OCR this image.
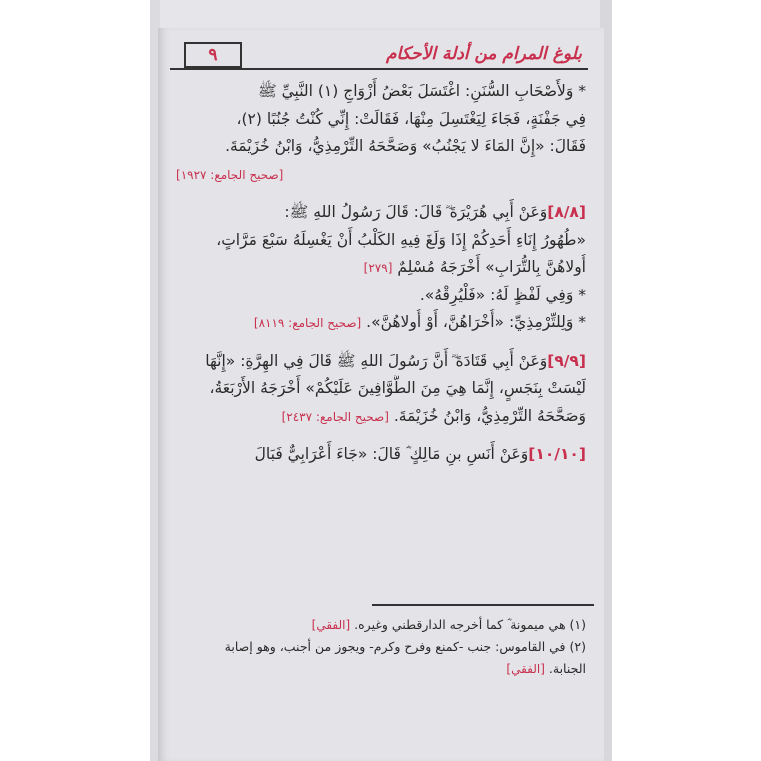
بلوغ المرام من أدلة الأحكام
٩
* وَلأَصْحَابِ السُّنَنِ: اغْتَسَلَ بَعْضُ أَزْوَاجِ (١) النَّبِيِّ ﷺ
فِي جَفْنَةٍ، فَجَاءَ لِيَغْتَسِلَ مِنْهَا، فَقَالَتْ: إِنِّي كُنْتُ جُنُبًا (٢)،
فَقَالَ: «إِنَّ المَاءَ لا يَجْنُبُ» وَصَحَّحَهُ التِّرْمِذِيُّ، وَابْنُ خُزَيْمَةَ.
[صحيح الجامع: ١٩٢٧]
[٨/٨]وَعَنْ أَبِي هُرَيْرَةَ ؓ قَالَ: قَالَ رَسُولُ اللهِ ﷺ:
«طُهُورُ إِنَاءِ أَحَدِكُمْ إِذَا وَلَغَ فِيهِ الكَلْبُ أَنْ يَغْسِلَهُ سَبْعَ مَرَّاتٍ،
أُولاهُنَّ بِالتُّرَابِ» أَخْرَجَهُ مُسْلِمٌ [٢٧٩]
* وَفِي لَفْظٍ لَهُ: «فَلْيُرِقْهُ».
* وَلِلتِّرْمِذِيِّ: «أُخْرَاهُنَّ، أَوْ أُولاهُنَّ». [صحيح الجامع: ٨١١٩]
[٩/٩]وَعَنْ أَبِي قَتَادَةَ ؓ أَنَّ رَسُولَ اللهِ ﷺ قَالَ فِي الهِرَّةِ: «إِنَّهَا
لَيْسَتْ بِنَجَسٍ، إِنَّمَا هِيَ مِنَ الطَّوَّافِينَ عَلَيْكُمْ» أَخْرَجَهُ الأَرْبَعَةُ،
وَصَحَّحَهُ التِّرْمِذِيُّ، وَابْنُ خُزَيْمَةَ. [صحيح الجامع: ٢٤٣٧]
[١٠/١٠]وَعَنْ أَنَسِ بنِ مَالِكٍ ؓ قَالَ: «جَاءَ أَعْرَابِيٌّ فَبَالَ
(١) هي ميمونة ؓ كما أخرجه الدارقطني وغيره. [الفقي]
(٢) في القاموس: جنب -كمنع وفرح وكرم- ويجوز من أجنب، وهو إصابة
الجنابة. [الفقي]
